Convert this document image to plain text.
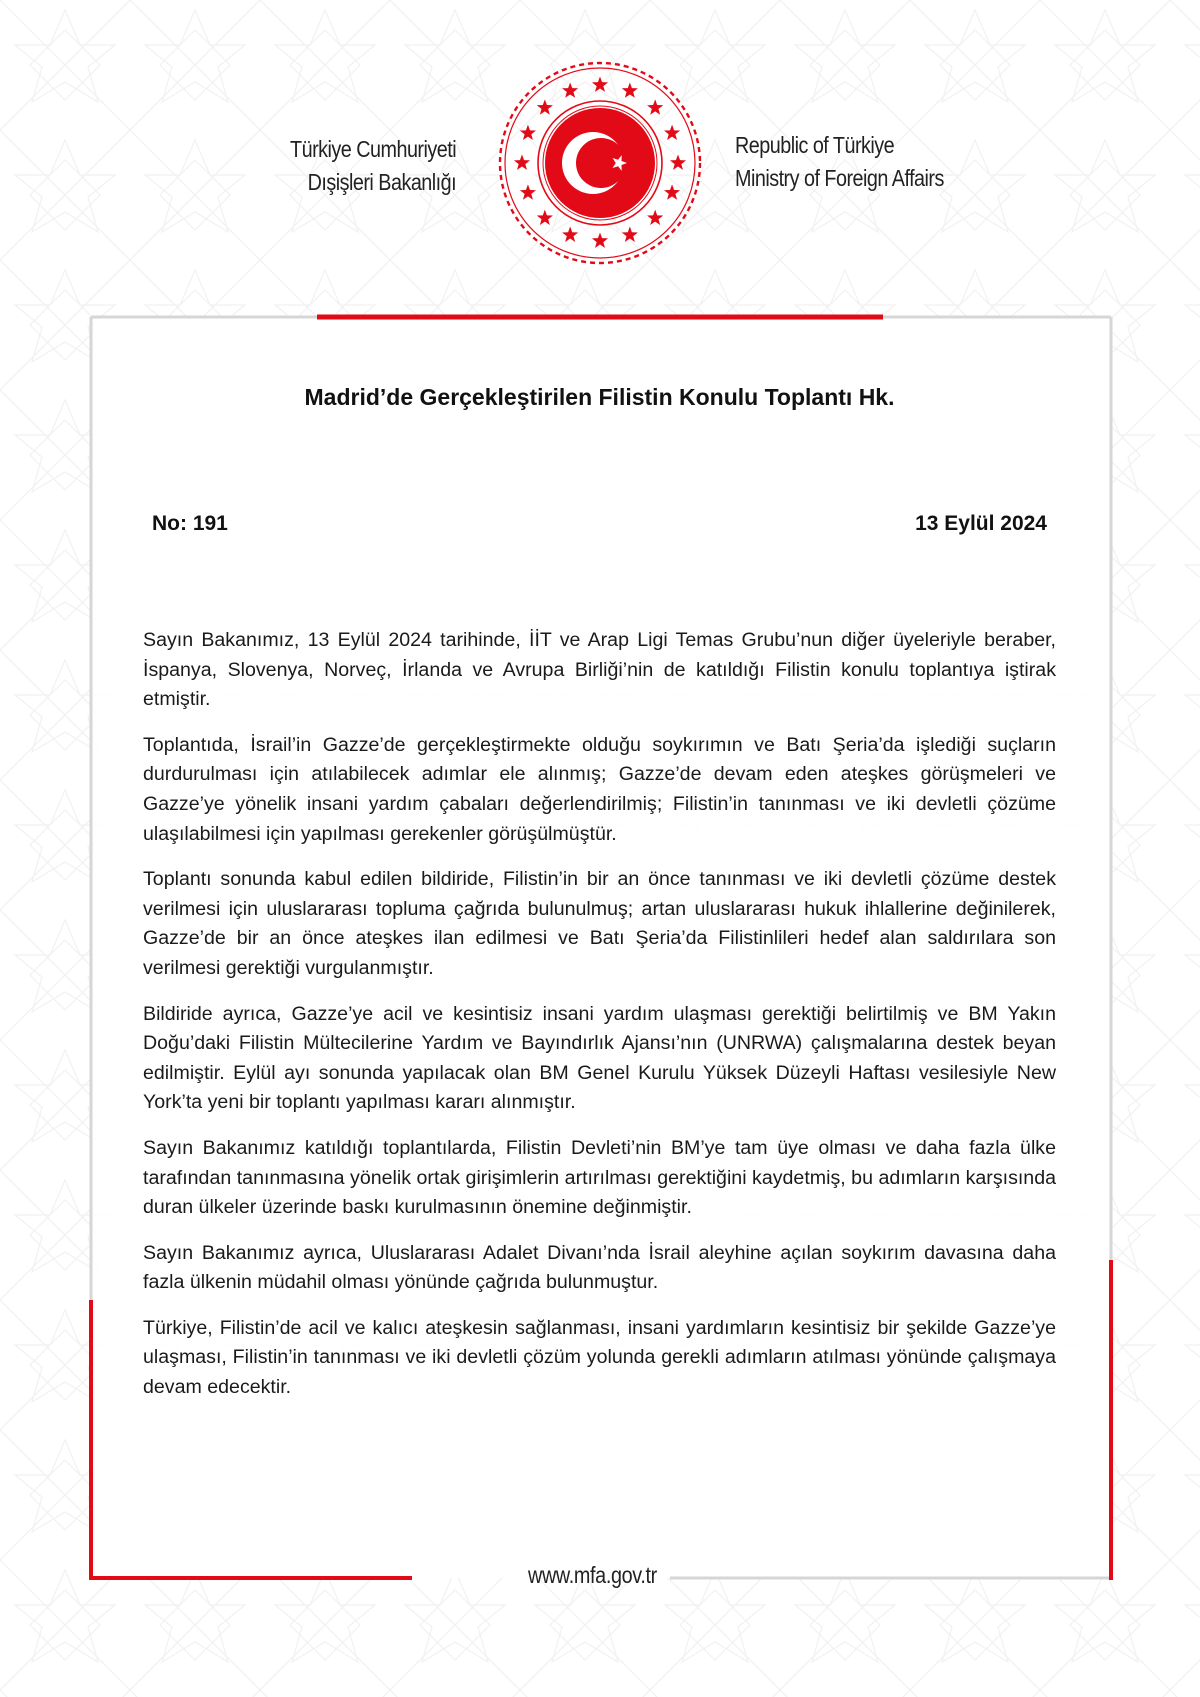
Türkiye Cumhuriyeti
Dışişleri Bakanlığı
Republic of Türkiye
Ministry of Foreign Affairs
Madrid’de Gerçekleştirilen Filistin Konulu Toplantı Hk.
No: 191	13 Eylül 2024

Sayın Bakanımız, 13 Eylül 2024 tarihinde, İİT ve Arap Ligi Temas Grubu’nun diğer üyeleriyle beraber, İspanya, Slovenya, Norveç, İrlanda ve Avrupa Birliği’nin de katıldığı Filistin konulu toplantıya iştirak etmiştir.

Toplantıda, İsrail’in Gazze’de gerçekleştirmekte olduğu soykırımın ve Batı Şeria’da işlediği suçların durdurulması için atılabilecek adımlar ele alınmış; Gazze’de devam eden ateşkes görüşmeleri ve Gazze’ye yönelik insani yardım çabaları değerlendirilmiş; Filistin’in tanınması ve iki devletli çözüme ulaşılabilmesi için yapılması gerekenler görüşülmüştür.

Toplantı sonunda kabul edilen bildiride, Filistin’in bir an önce tanınması ve iki devletli çözüme destek verilmesi için uluslararası topluma çağrıda bulunulmuş; artan uluslararası hukuk ihlallerine değinilerek, Gazze’de bir an önce ateşkes ilan edilmesi ve Batı Şeria’da Filistinlileri hedef alan saldırılara son verilmesi gerektiği vurgulanmıştır.

Bildiride ayrıca, Gazze’ye acil ve kesintisiz insani yardım ulaşması gerektiği belirtilmiş ve BM Yakın Doğu’daki Filistin Mültecilerine Yardım ve Bayındırlık Ajansı’nın (UNRWA) çalışmalarına destek beyan edilmiştir. Eylül ayı sonunda yapılacak olan BM Genel Kurulu Yüksek Düzeyli Haftası vesilesiyle New York’ta yeni bir toplantı yapılması kararı alınmıştır.

Sayın Bakanımız katıldığı toplantılarda, Filistin Devleti’nin BM’ye tam üye olması ve daha fazla ülke tarafından tanınmasına yönelik ortak girişimlerin artırılması gerektiğini kaydetmiş, bu adımların karşısında duran ülkeler üzerinde baskı kurulmasının önemine değinmiştir.

Sayın Bakanımız ayrıca, Uluslararası Adalet Divanı’nda İsrail aleyhine açılan soykırım davasına daha fazla ülkenin müdahil olması yönünde çağrıda bulunmuştur.

Türkiye, Filistin’de acil ve kalıcı ateşkesin sağlanması, insani yardımların kesintisiz bir şekilde Gazze’ye ulaşması, Filistin’in tanınması ve iki devletli çözüm yolunda gerekli adımların atılması yönünde çalışmaya devam edecektir.

www.mfa.gov.tr
